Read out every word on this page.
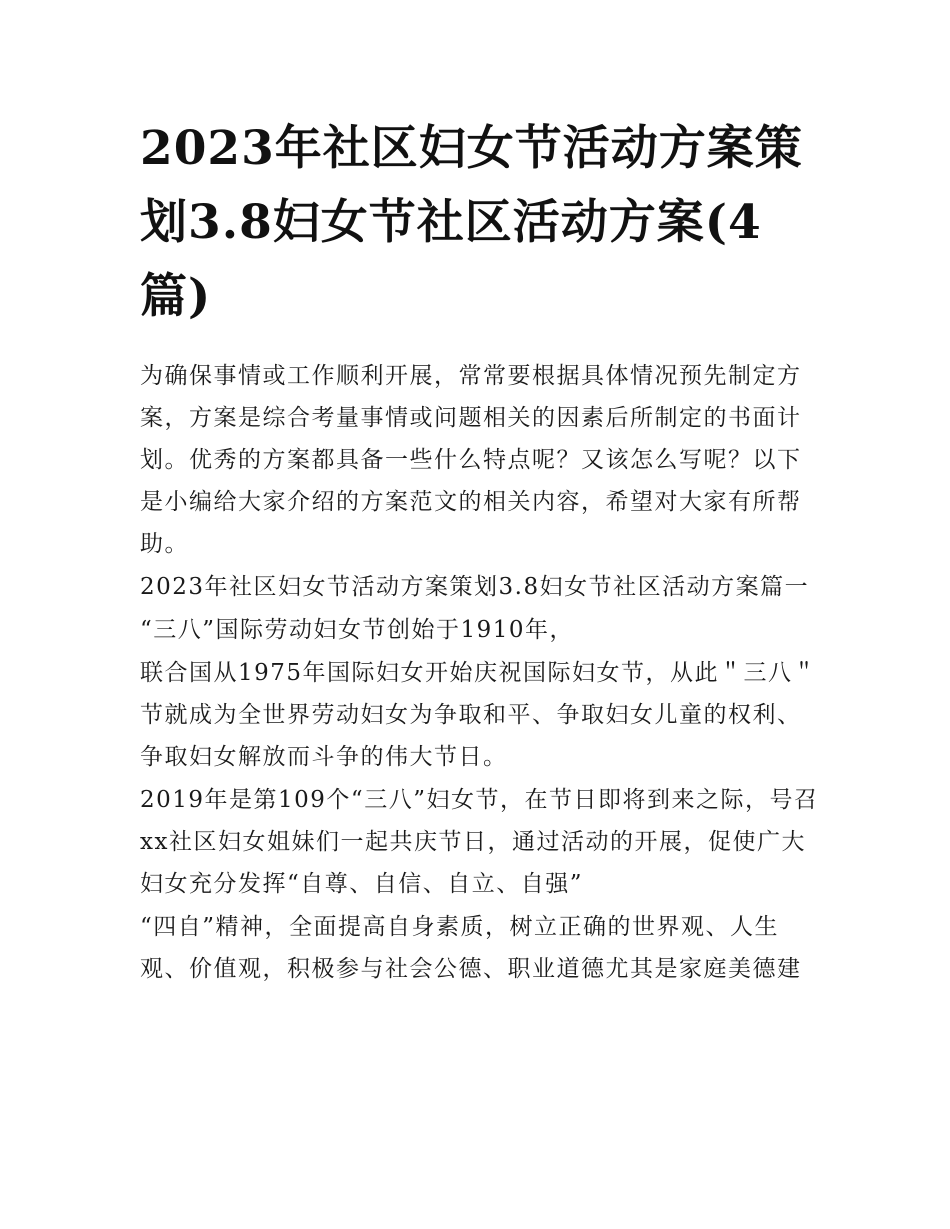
2023年社区妇女节活动方案策划3.8妇女节社区活动方案(4篇)

为确保事情或工作顺利开展，常常要根据具体情况预先制定方案，方案是综合考量事情或问题相关的因素后所制定的书面计划。优秀的方案都具备一些什么特点呢？又该怎么写呢？以下是小编给大家介绍的方案范文的相关内容，希望对大家有所帮助。

2023年社区妇女节活动方案策划3.8妇女节社区活动方案篇一

“三八”国际劳动妇女节创始于1910年，

联合国从1975年国际妇女开始庆祝国际妇女节，从此＂三八＂节就成为全世界劳动妇女为争取和平、争取妇女儿童的权利、争取妇女解放而斗争的伟大节日。

2019年是第109个“三八”妇女节，在节日即将到来之际，号召xx社区妇女姐妹们一起共庆节日，通过活动的开展，促使广大妇女充分发挥“自尊、自信、自立、自强”

“四自”精神，全面提高自身素质，树立正确的世界观、人生观、价值观，积极参与社会公德、职业道德尤其是家庭美德建
